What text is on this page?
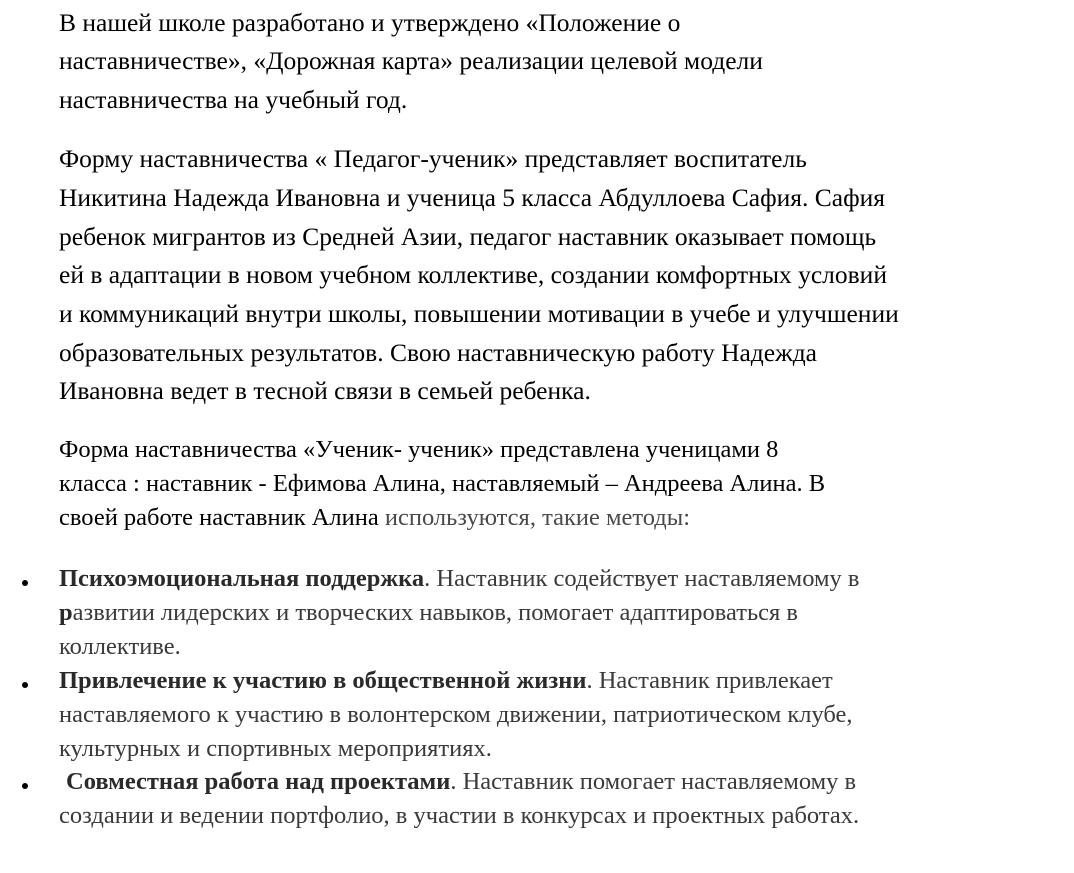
В нашей школе разработано и утверждено «Положение о

наставничестве», «Дорожная карта» реализации целевой модели

наставничества на учебный год.

Форму наставничества « Педагог-ученик» представляет воспитатель

Никитина Надежда Ивановна и ученица 5 класса Абдуллоева Сафия. Сафия

ребенок мигрантов из Средней Азии, педагог наставник оказывает помощь

ей в адаптации в новом учебном коллективе, создании комфортных условий

и коммуникаций внутри школы, повышении мотивации в учебе и улучшении

образовательных результатов. Свою наставническую работу Надежда

Ивановна ведет в тесной связи в семьей ребенка.

Форма наставничества «Ученик- ученик» представлена ученицами 8

класса : наставник - Ефимова Алина, наставляемый – Андреева Алина. В

своей работе наставник Алина используются, такие методы:

Психоэмоциональная поддержка. Наставник содействует наставляемому в

развитии лидерских и творческих навыков, помогает адаптироваться в

коллективе.

Привлечение к участию в общественной жизни. Наставник привлекает

наставляемого к участию в волонтерском движении, патриотическом клубе,

культурных и спортивных мероприятиях.

Совместная работа над проектами. Наставник помогает наставляемому в

создании и ведении портфолио, в участии в конкурсах и проектных работах.
